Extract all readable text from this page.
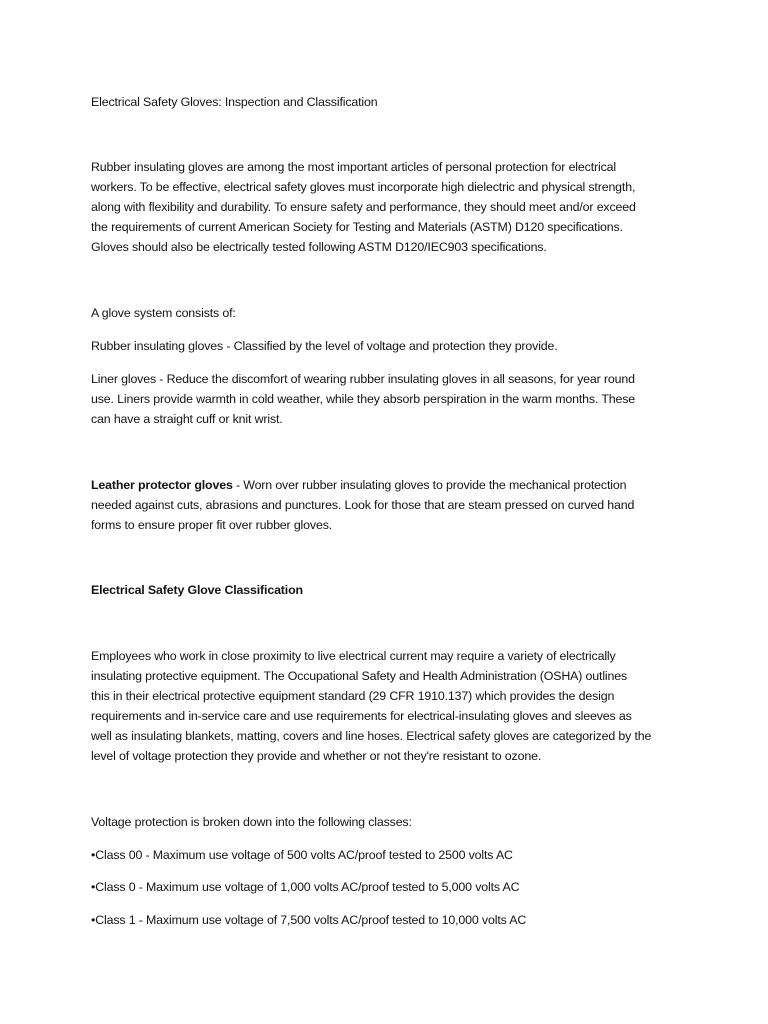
Electrical Safety Gloves: Inspection and Classification
Rubber insulating gloves are among the most important articles of personal protection for electrical
workers. To be effective, electrical safety gloves must incorporate high dielectric and physical strength,
along with flexibility and durability. To ensure safety and performance, they should meet and/or exceed
the requirements of current American Society for Testing and Materials (ASTM) D120 specifications.
Gloves should also be electrically tested following ASTM D120/IEC903 specifications.
A glove system consists of:
Rubber insulating gloves - Classified by the level of voltage and protection they provide.
Liner gloves - Reduce the discomfort of wearing rubber insulating gloves in all seasons, for year round
use. Liners provide warmth in cold weather, while they absorb perspiration in the warm months. These
can have a straight cuff or knit wrist.
Leather protector gloves - Worn over rubber insulating gloves to provide the mechanical protection
needed against cuts, abrasions and punctures. Look for those that are steam pressed on curved hand
forms to ensure proper fit over rubber gloves.
Electrical Safety Glove Classification
Employees who work in close proximity to live electrical current may require a variety of electrically
insulating protective equipment. The Occupational Safety and Health Administration (OSHA) outlines
this in their electrical protective equipment standard (29 CFR 1910.137) which provides the design
requirements and in-service care and use requirements for electrical-insulating gloves and sleeves as
well as insulating blankets, matting, covers and line hoses. Electrical safety gloves are categorized by the
level of voltage protection they provide and whether or not they're resistant to ozone.
Voltage protection is broken down into the following classes:
•Class 00 - Maximum use voltage of 500 volts AC/proof tested to 2500 volts AC
•Class 0 - Maximum use voltage of 1,000 volts AC/proof tested to 5,000 volts AC
•Class 1 - Maximum use voltage of 7,500 volts AC/proof tested to 10,000 volts AC
